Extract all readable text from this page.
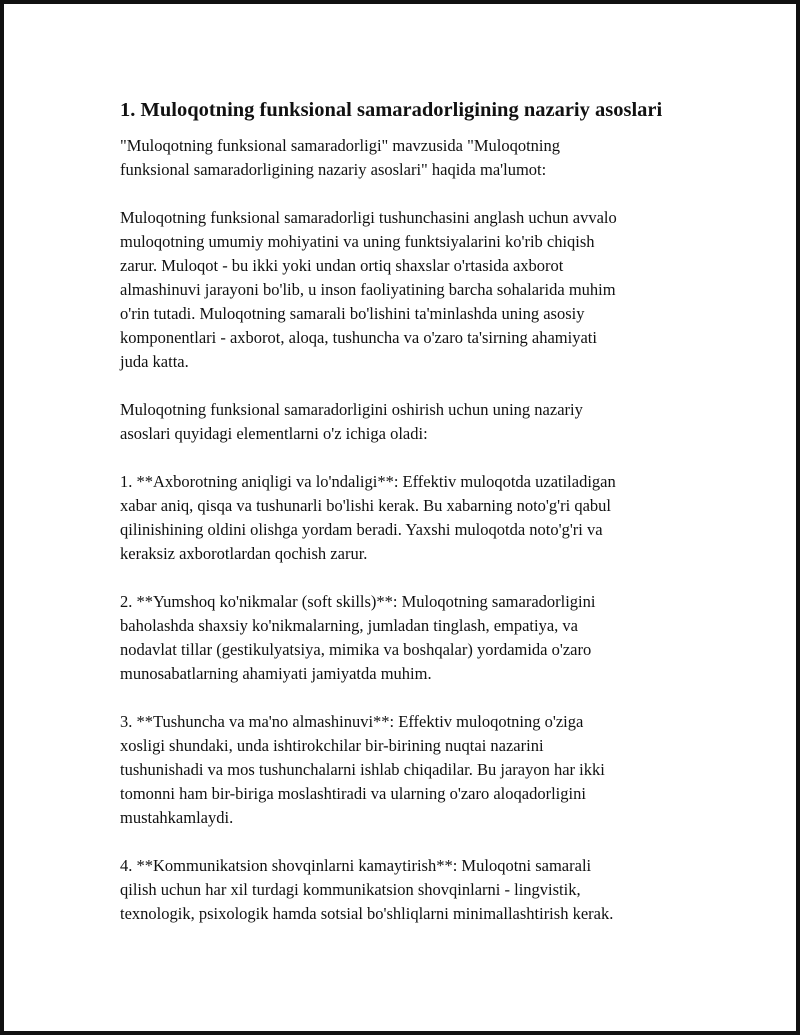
1. Muloqotning funksional samaradorligining nazariy asoslari

"Muloqotning funksional samaradorligi" mavzusida "Muloqotning
funksional samaradorligining nazariy asoslari" haqida ma'lumot:

Muloqotning funksional samaradorligi tushunchasini anglash uchun avvalo
muloqotning umumiy mohiyatini va uning funktsiyalarini ko'rib chiqish
zarur. Muloqot - bu ikki yoki undan ortiq shaxslar o'rtasida axborot
almashinuvi jarayoni bo'lib, u inson faoliyatining barcha sohalarida muhim
o'rin tutadi. Muloqotning samarali bo'lishini ta'minlashda uning asosiy
komponentlari - axborot, aloqa, tushuncha va o'zaro ta'sirning ahamiyati
juda katta.

Muloqotning funksional samaradorligini oshirish uchun uning nazariy
asoslari quyidagi elementlarni o'z ichiga oladi:

1. **Axborotning aniqligi va lo'ndaligi**: Effektiv muloqotda uzatiladigan
xabar aniq, qisqa va tushunarli bo'lishi kerak. Bu xabarning noto'g'ri qabul
qilinishining oldini olishga yordam beradi. Yaxshi muloqotda noto'g'ri va
keraksiz axborotlardan qochish zarur.

2. **Yumshoq ko'nikmalar (soft skills)**: Muloqotning samaradorligini
baholashda shaxsiy ko'nikmalarning, jumladan tinglash, empatiya, va
nodavlat tillar (gestikulyatsiya, mimika va boshqalar) yordamida o'zaro
munosabatlarning ahamiyati jamiyatda muhim.

3. **Tushuncha va ma'no almashinuvi**: Effektiv muloqotning o'ziga
xosligi shundaki, unda ishtirokchilar bir-birining nuqtai nazarini
tushunishadi va mos tushunchalarni ishlab chiqadilar. Bu jarayon har ikki
tomonni ham bir-biriga moslashtiradi va ularning o'zaro aloqadorligini
mustahkamlaydi.

4. **Kommunikatsion shovqinlarni kamaytirish**: Muloqotni samarali
qilish uchun har xil turdagi kommunikatsion shovqinlarni - lingvistik,
texnologik, psixologik hamda sotsial bo'shliqlarni minimallashtirish kerak.
